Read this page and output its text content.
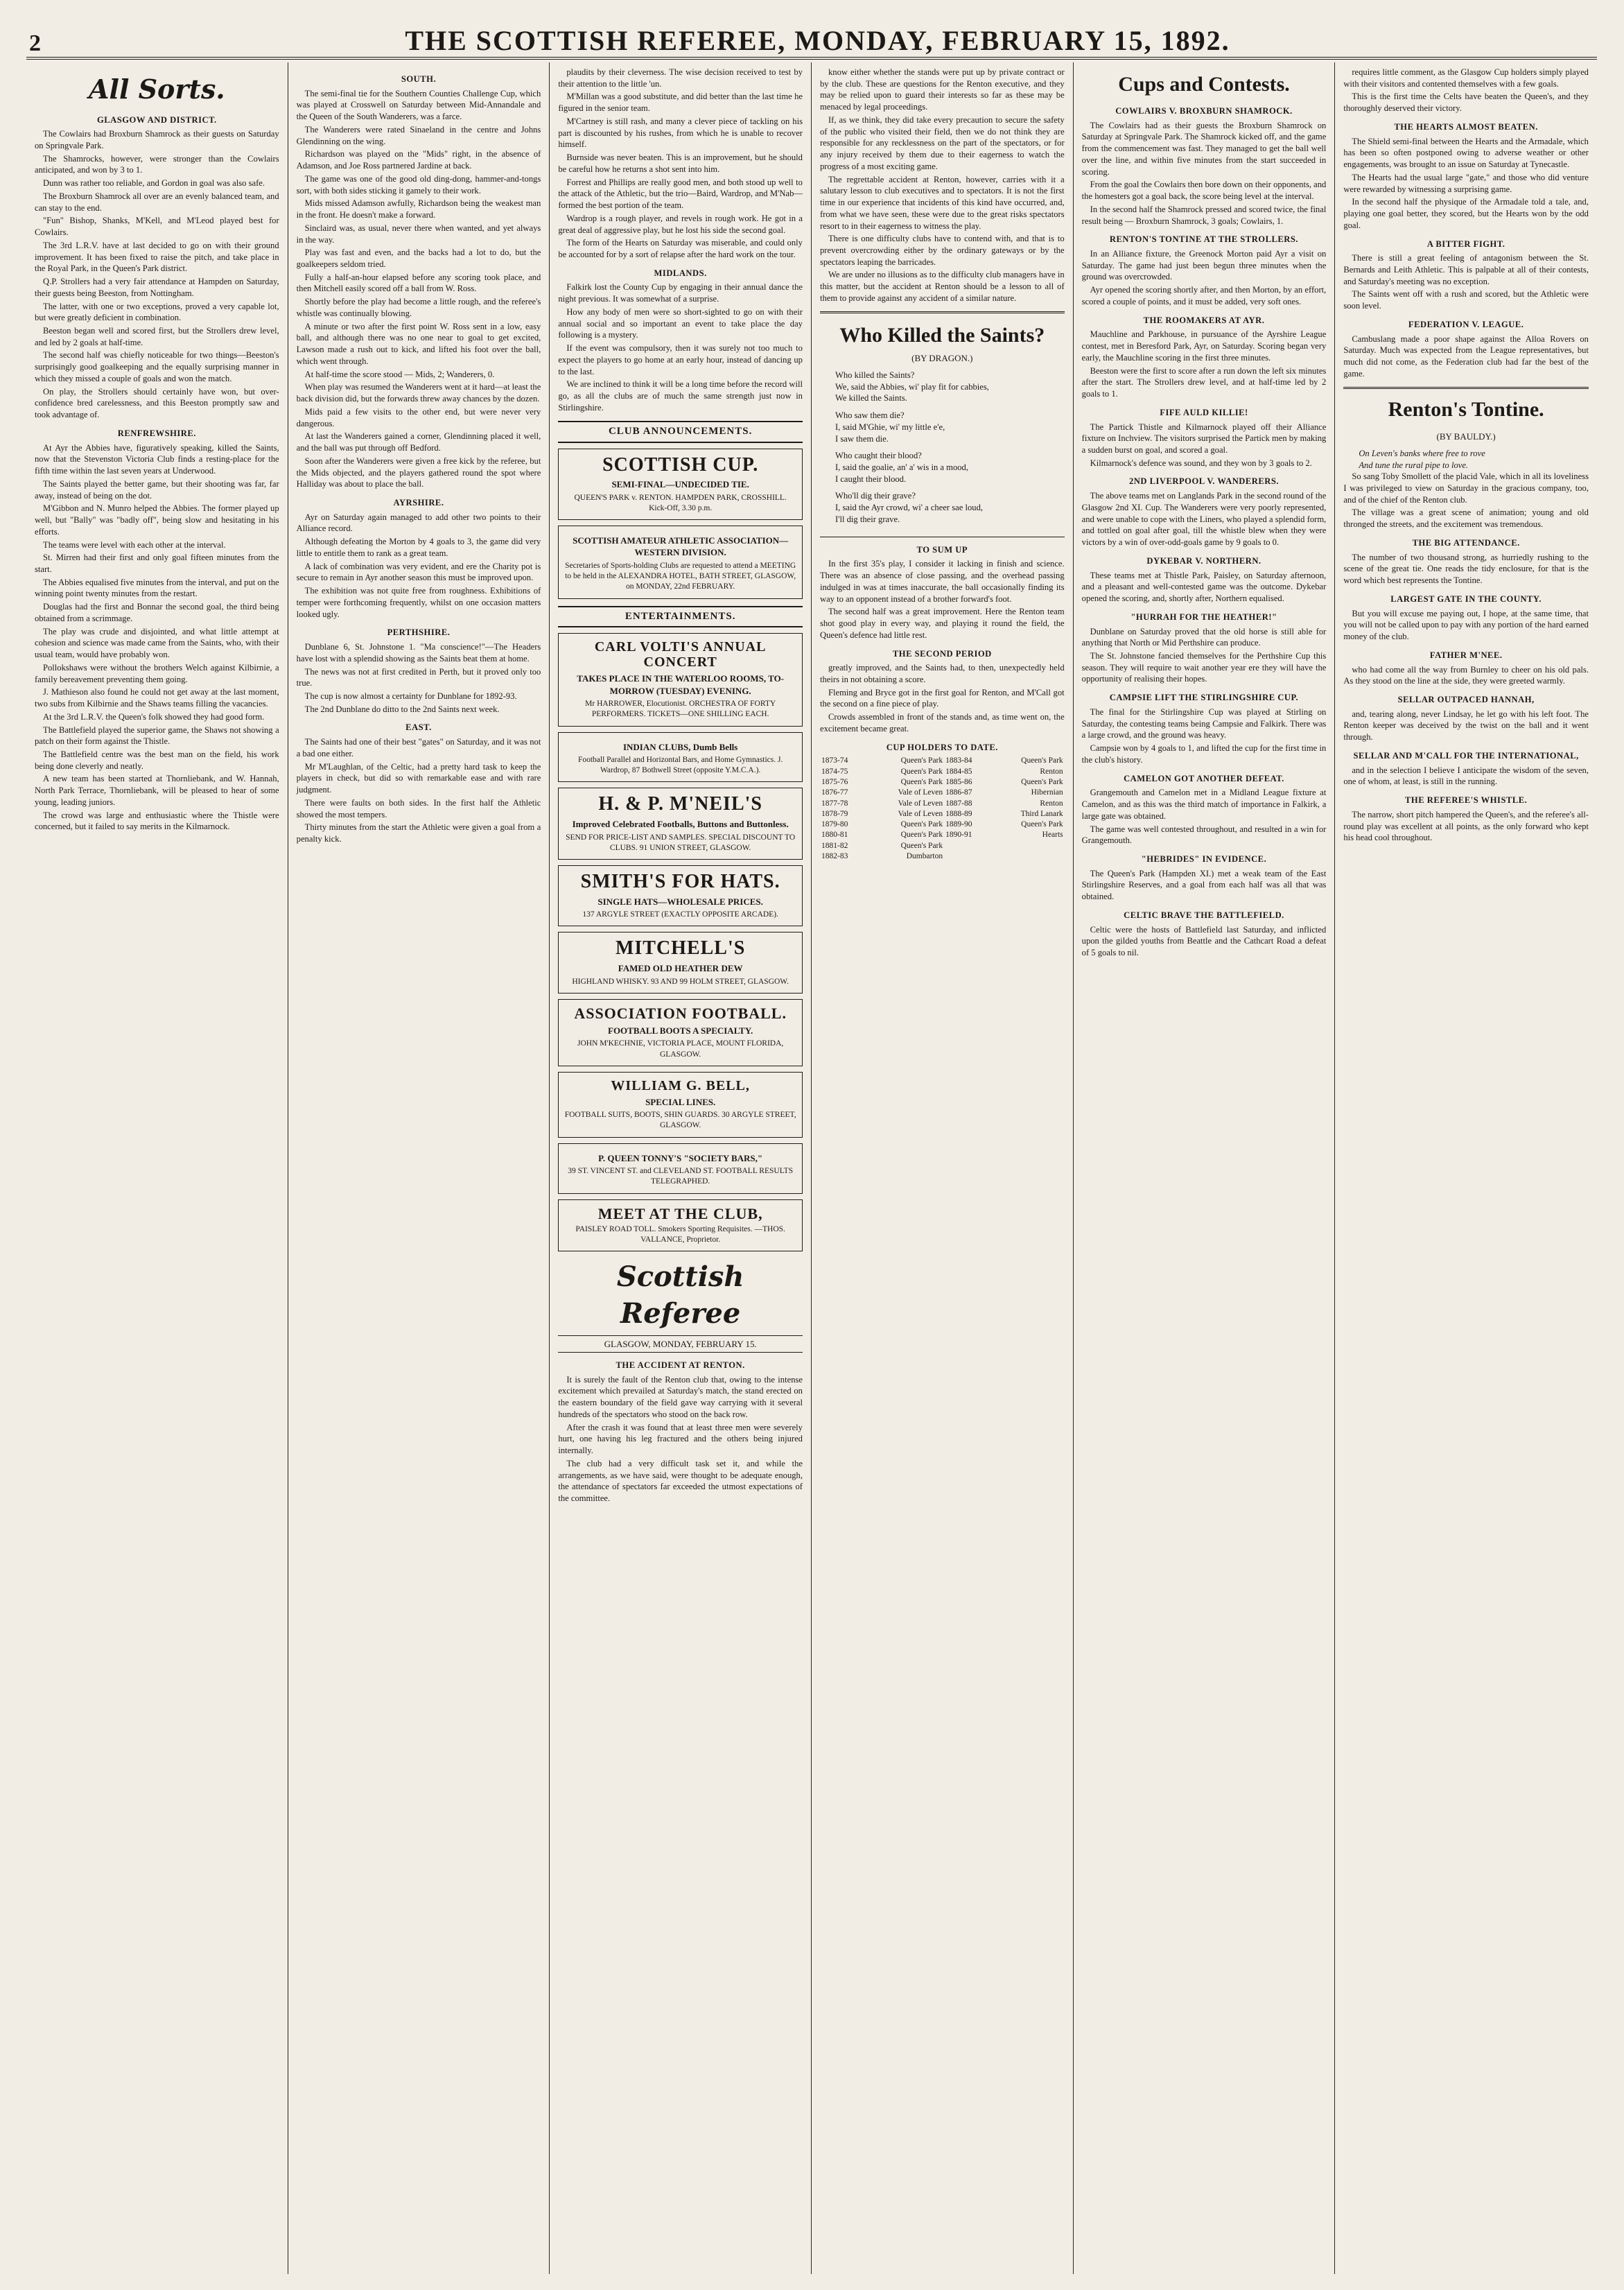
2	THE SCOTTISH REFEREE, MONDAY, FEBRUARY 15, 1892.
All Sorts.
GLASGOW AND DISTRICT.

The Cowlairs had Broxburn Shamrock as their guests on Saturday on Springvale Park.

The Shamrocks, however, were stronger than the Cowlairs anticipated, and won by 3 to 1.

Dunn was rather too reliable, and Gordon in goal was also safe.

The Broxburn Shamrock all over are an evenly balanced team, and can stay to the end.

"Fun" Bishop, Shanks, M'Kell, and M'Leod played best for Cowlairs.

The 3rd L.R.V. have at last decided to go on with their ground improvement. It has been fixed to raise the pitch, and take place in the Royal Park, in the Queen's Park district.

Q.P. Strollers had a very fair attendance at Hampden on Saturday, their guests being Beeston, from Nottingham.

The latter, with one or two exceptions, proved a very capable lot, but were greatly deficient in combination.

Beeston began well and scored first, but the Strollers drew level, and led by 2 goals at half-time.

The second half was chiefly noticeable for two things—Beeston's surprisingly good goalkeeping and the equally surprising manner in which they missed a couple of goals and won the match.

On play, the Strollers should certainly have won, but over-confidence bred carelessness, and this Beeston promptly saw and took advantage of.

RENFREWSHIRE.

At Ayr the Abbies have, figuratively speaking, killed the Saints, now that the Stevenston Victoria Club finds a resting-place for the fifth time within the last seven years at Underwood.

The Saints played the better game, but their shooting was far, far away, instead of being on the dot.

M'Gibbon and N. Munro helped the Abbies. The former played up well, but "Bally" was "badly off", being slow and hesitating in his efforts.

The teams were level with each other at the interval.

St. Mirren had their first and only goal fifteen minutes from the start.

The Abbies equalised five minutes from the interval, and put on the winning point twenty minutes from the restart.

Douglas had the first and Bonnar the second goal, the third being obtained from a scrimmage.

The play was crude and disjointed, and what little attempt at cohesion and science was made came from the Saints, who, with their usual team, would have probably won.

Pollokshaws were without the brothers Welch against Kilbirnie, a family bereavement preventing them going.

J. Mathieson also found he could not get away at the last moment, two subs from Kilbirnie and the Shaws teams filling the vacancies.

At the 3rd L.R.V. the Queen's folk showed they had good form.

The Battlefield played the superior game, the Shaws not showing a patch on their form against the Thistle.

The Battlefield centre was the best man on the field, his work being done cleverly and neatly.

A new team has been started at Thornliebank, and W. Hannah, North Park Terrace, Thornliebank, will be pleased to hear of some young, leading juniors.

The crowd was large and enthusiastic where the Thistle were concerned, but it failed to say merits in the Kilmarnock.

SOUTH.

The semi-final tie for the Southern Counties Challenge Cup, which was played at Crosswell on Saturday between Mid-Annandale and the Queen of the South Wanderers, was a farce.

The Wanderers were rated Sinaeland in the centre and Johns Glendinning on the wing.

Richardson was played on the "Mids" right, in the absence of Adamson, and Joe Ross partnered Jardine at back.

The game was one of the good old ding-dong, hammer-and-tongs sort, with both sides sticking it gamely to their work.

Mids missed Adamson awfully, Richardson being the weakest man in the front. He doesn't make a forward.

Sinclaird was, as usual, never there when wanted, and yet always in the way.

Play was fast and even, and the backs had a lot to do, but the goalkeepers seldom tried.

Fully a half-an-hour elapsed before any scoring took place, and then Mitchell easily scored off a ball from W. Ross.

Shortly before the play had become a little rough, and the referee's whistle was continually blowing.

A minute or two after the first point W. Ross sent in a low, easy ball, and although there was no one near to goal to get excited, Lawson made a rush out to kick, and lifted his foot over the ball, which went through.

At half-time the score stood — Mids, 2; Wanderers, 0.

When play was resumed the Wanderers went at it hard—at least the back division did, but the forwards threw away chances by the dozen.

Mids paid a few visits to the other end, but were never very dangerous.

At last the Wanderers gained a corner, Glendinning placed it well, and the ball was put through off Bedford.

Soon after the Wanderers were given a free kick by the referee, but the Mids objected, and the players gathered round the spot where Halliday was about to place the ball.

AYRSHIRE.

Ayr on Saturday again managed to add other two points to their Alliance record.

Although defeating the Morton by 4 goals to 3, the game did very little to entitle them to rank as a great team.

A lack of combination was very evident, and ere the Charity pot is secure to remain in Ayr another season this must be improved upon.

The exhibition was not quite free from roughness. Exhibitions of temper were forthcoming frequently, whilst on one occasion matters looked ugly.

PERTHSHIRE.

Dunblane 6, St. Johnstone 1. "Ma conscience!"—The Headers have lost with a splendid showing as the Saints beat them at home.

The news was not at first credited in Perth, but it proved only too true.

The cup is now almost a certainty for Dunblane for 1892-93.

The 2nd Dunblane do ditto to the 2nd Saints next week.

EAST.

The Saints had one of their best "gates" on Saturday, and it was not a bad one either.

Mr M'Laughlan, of the Celtic, had a pretty hard task to keep the players in check, but did so with remarkable ease and with rare judgment.

There were faults on both sides. In the first half the Athletic showed the most tempers.

Thirty minutes from the start the Athletic were given a goal from a penalty kick.

plaudits by their cleverness. The wise decision received to test by their attention to the little 'un.

M'Millan was a good substitute, and did better than the last time he figured in the senior team.

M'Cartney is still rash, and many a clever piece of tackling on his part is discounted by his rushes, from which he is unable to recover himself.

Burnside was never beaten. This is an improvement, but he should be careful how he returns a shot sent into him.

Forrest and Phillips are really good men, and both stood up well to the attack of the Athletic, but the trio—Baird, Wardrop, and M'Nab—formed the best portion of the team.

Wardrop is a rough player, and revels in rough work. He got in a great deal of aggressive play, but he lost his side the second goal.

The form of the Hearts on Saturday was miserable, and could only be accounted for by a sort of relapse after the hard work on the tour.

MIDLANDS.

Falkirk lost the County Cup by engaging in their annual dance the night previous. It was somewhat of a surprise.

How any body of men were so short-sighted to go on with their annual social and so important an event to take place the day following is a mystery.

If the event was compulsory, then it was surely not too much to expect the players to go home at an early hour, instead of dancing up to the last.

We are inclined to think it will be a long time before the record will go, as all the clubs are of much the same strength just now in Stirlingshire.

CLUB ANNOUNCEMENTS.
SCOTTISH CUP.
SEMI-FINAL—UNDECIDED TIE.
QUEEN'S PARK v. RENTON. HAMPDEN PARK, CROSSHILL. Kick-Off, 3.30 p.m.
SCOTTISH AMATEUR ATHLETIC ASSOCIATION—WESTERN DIVISION.
Secretaries of Sports-holding Clubs are requested to attend a MEETING to be held in the ALEXANDRA HOTEL, BATH STREET, GLASGOW, on MONDAY, 22nd FEBRUARY.
ENTERTAINMENTS.
CARL VOLTI'S ANNUAL CONCERT
TAKES PLACE IN THE WATERLOO ROOMS, TO-MORROW (TUESDAY) EVENING.
Mr HARROWER, Elocutionist. ORCHESTRA OF FORTY PERFORMERS. TICKETS—ONE SHILLING EACH.
INDIAN CLUBS, Dumb Bells
Football Parallel and Horizontal Bars, and Home Gymnastics. J. Wardrop, 87 Bothwell Street (opposite Y.M.C.A.).
H. & P. M'NEIL'S
Improved Celebrated Footballs, Buttons and Buttonless.
SEND FOR PRICE-LIST AND SAMPLES. SPECIAL DISCOUNT TO CLUBS. 91 UNION STREET, GLASGOW.
SMITH'S FOR HATS.
SINGLE HATS—WHOLESALE PRICES.
137 ARGYLE STREET (EXACTLY OPPOSITE ARCADE).
MITCHELL'S
FAMED OLD HEATHER DEW
HIGHLAND WHISKY. 93 AND 99 HOLM STREET, GLASGOW.
ASSOCIATION FOOTBALL.
FOOTBALL BOOTS A SPECIALTY.
JOHN M'KECHNIE, VICTORIA PLACE, MOUNT FLORIDA, GLASGOW.
WILLIAM G. BELL,
SPECIAL LINES.
FOOTBALL SUITS, BOOTS, SHIN GUARDS. 30 ARGYLE STREET, GLASGOW.
P. QUEEN TONNY'S "SOCIETY BARS,"
39 ST. VINCENT ST. and CLEVELAND ST. FOOTBALL RESULTS TELEGRAPHED.
MEET AT THE CLUB,
PAISLEY ROAD TOLL. Smokers Sporting Requisites. —THOS. VALLANCE, Proprietor.
Scottish Referee
GLASGOW, MONDAY, FEBRUARY 15.
THE ACCIDENT AT RENTON.

It is surely the fault of the Renton club that, owing to the intense excitement which prevailed at Saturday's match, the stand erected on the eastern boundary of the field gave way carrying with it several hundreds of the spectators who stood on the back row.

After the crash it was found that at least three men were severely hurt, one having his leg fractured and the others being injured internally.

The club had a very difficult task set it, and while the arrangements, as we have said, were thought to be adequate enough, the attendance of spectators far exceeded the utmost expectations of the committee.

know either whether the stands were put up by private contract or by the club. These are questions for the Renton executive, and they may be relied upon to guard their interests so far as these may be menaced by legal proceedings.

If, as we think, they did take every precaution to secure the safety of the public who visited their field, then we do not think they are responsible for any recklessness on the part of the spectators, or for any injury received by them due to their eagerness to watch the progress of a most exciting game.

The regrettable accident at Renton, however, carries with it a salutary lesson to club executives and to spectators. It is not the first time in our experience that incidents of this kind have occurred, and, from what we have seen, these were due to the great risks spectators resort to in their eagerness to witness the play.

There is one difficulty clubs have to contend with, and that is to prevent overcrowding either by the ordinary gateways or by the spectators leaping the barricades.

We are under no illusions as to the difficulty club managers have in this matter, but the accident at Renton should be a lesson to all of them to provide against any accident of a similar nature.

Who Killed the Saints?
(BY DRAGON.)

Who killed the Saints?

We, said the Abbies, wi' play fit for cabbies,

We killed the Saints.

Who saw them die?

I, said M'Ghie, wi' my little e'e,

I saw them die.

Who caught their blood?

I, said the goalie, an' a' wis in a mood,

I caught their blood.

Who'll dig their grave?

I, said the Ayr crowd, wi' a cheer sae loud,

I'll dig their grave.

TO SUM UP

In the first 35's play, I consider it lacking in finish and science. There was an absence of close passing, and the overhead passing indulged in was at times inaccurate, the ball occasionally finding its way to an opponent instead of a brother forward's foot.

The second half was a great improvement. Here the Renton team shot good play in every way, and playing it round the field, the Queen's defence had little rest.

THE SECOND PERIOD

greatly improved, and the Saints had, to then, unexpectedly held theirs in not obtaining a score.

Fleming and Bryce got in the first goal for Renton, and M'Call got the second on a fine piece of play.

Crowds assembled in front of the stands and, as time went on, the excitement became great.

CUP HOLDERS TO DATE.
1873-74	Queen's Park	1883-84	Queen's Park
1874-75	Queen's Park	1884-85	Renton
1875-76	Queen's Park	1885-86	Queen's Park
1876-77	Vale of Leven	1886-87	Hibernian
1877-78	Vale of Leven	1887-88	Renton
1878-79	Vale of Leven	1888-89	Third Lanark
1879-80	Queen's Park	1889-90	Queen's Park
1880-81	Queen's Park	1890-91	Hearts
1881-82	Queen's Park		
1882-83	Dumbarton		
Cups and Contests.
COWLAIRS V. BROXBURN SHAMROCK.

The Cowlairs had as their guests the Broxburn Shamrock on Saturday at Springvale Park. The Shamrock kicked off, and the game from the commencement was fast. They managed to get the ball well over the line, and within five minutes from the start succeeded in scoring.

From the goal the Cowlairs then bore down on their opponents, and the homesters got a goal back, the score being level at the interval.

In the second half the Shamrock pressed and scored twice, the final result being — Broxburn Shamrock, 3 goals; Cowlairs, 1.

RENTON'S TONTINE AT THE STROLLERS.

In an Alliance fixture, the Greenock Morton paid Ayr a visit on Saturday. The game had just been begun three minutes when the ground was overcrowded.

Ayr opened the scoring shortly after, and then Morton, by an effort, scored a couple of points, and it must be added, very soft ones.

THE ROOMAKERS AT AYR.

Mauchline and Parkhouse, in pursuance of the Ayrshire League contest, met in Beresford Park, Ayr, on Saturday. Scoring began very early, the Mauchline scoring in the first three minutes.

Beeston were the first to score after a run down the left six minutes after the start. The Strollers drew level, and at half-time led by 2 goals to 1.

FIFE AULD KILLIE!

The Partick Thistle and Kilmarnock played off their Alliance fixture on Inchview. The visitors surprised the Partick men by making a sudden burst on goal, and scored a goal.

Kilmarnock's defence was sound, and they won by 3 goals to 2.

2ND LIVERPOOL V. WANDERERS.

The above teams met on Langlands Park in the second round of the Glasgow 2nd XI. Cup. The Wanderers were very poorly represented, and were unable to cope with the Liners, who played a splendid form, and tottled on goal after goal, till the whistle blew when they were victors by a win of over-odd-goals game by 9 goals to 0.

DYKEBAR V. NORTHERN.

These teams met at Thistle Park, Paisley, on Saturday afternoon, and a pleasant and well-contested game was the outcome. Dykebar opened the scoring, and, shortly after, Northern equalised.

"HURRAH FOR THE HEATHER!"

Dunblane on Saturday proved that the old horse is still able for anything that North or Mid Perthshire can produce.

The St. Johnstone fancied themselves for the Perthshire Cup this season. They will require to wait another year ere they will have the opportunity of realising their hopes.

CAMPSIE LIFT THE STIRLINGSHIRE CUP.

The final for the Stirlingshire Cup was played at Stirling on Saturday, the contesting teams being Campsie and Falkirk. There was a large crowd, and the ground was heavy.

Campsie won by 4 goals to 1, and lifted the cup for the first time in the club's history.

CAMELON GOT ANOTHER DEFEAT.

Grangemouth and Camelon met in a Midland League fixture at Camelon, and as this was the third match of importance in Falkirk, a large gate was obtained.

The game was well contested throughout, and resulted in a win for Grangemouth.

"HEBRIDES" IN EVIDENCE.

The Queen's Park (Hampden XI.) met a weak team of the East Stirlingshire Reserves, and a goal from each half was all that was obtained.

CELTIC BRAVE THE BATTLEFIELD.

Celtic were the hosts of Battlefield last Saturday, and inflicted upon the gilded youths from Beattle and the Cathcart Road a defeat of 5 goals to nil.

requires little comment, as the Glasgow Cup holders simply played with their visitors and contented themselves with a few goals.

This is the first time the Celts have beaten the Queen's, and they thoroughly deserved their victory.

THE HEARTS ALMOST BEATEN.

The Shield semi-final between the Hearts and the Armadale, which has been so often postponed owing to adverse weather or other engagements, was brought to an issue on Saturday at Tynecastle.

The Hearts had the usual large "gate," and those who did venture were rewarded by witnessing a surprising game.

In the second half the physique of the Armadale told a tale, and, playing one goal better, they scored, but the Hearts won by the odd goal.

A BITTER FIGHT.

There is still a great feeling of antagonism between the St. Bernards and Leith Athletic. This is palpable at all of their contests, and Saturday's meeting was no exception.

The Saints went off with a rush and scored, but the Athletic were soon level.

FEDERATION V. LEAGUE.

Cambuslang made a poor shape against the Alloa Rovers on Saturday. Much was expected from the League representatives, but much did not come, as the Federation club had far the best of the game.

Renton's Tontine.
(BY BAULDY.)

On Leven's banks where free to rove

And tune the rural pipe to love.

So sang Toby Smollett of the placid Vale, which in all its loveliness I was privileged to view on Saturday in the gracious company, too, and of the chief of the Renton club.

The village was a great scene of animation; young and old thronged the streets, and the excitement was tremendous.

THE BIG ATTENDANCE.

The number of two thousand strong, as hurriedly rushing to the scene of the great tie. One reads the tidy enclosure, for that is the word which best represents the Tontine.

LARGEST GATE IN THE COUNTY.

But you will excuse me paying out, I hope, at the same time, that you will not be called upon to pay with any portion of the hard earned money of the club.

FATHER M'NEE.

who had come all the way from Burnley to cheer on his old pals. As they stood on the line at the side, they were greeted warmly.

SELLAR OUTPACED HANNAH,

and, tearing along, never Lindsay, he let go with his left foot. The Renton keeper was deceived by the twist on the ball and it went through.

SELLAR AND M'CALL FOR THE INTERNATIONAL,

and in the selection I believe I anticipate the wisdom of the seven, one of whom, at least, is still in the running.

THE REFEREE'S WHISTLE.

The narrow, short pitch hampered the Queen's, and the referee's all-round play was excellent at all points, as the only forward who kept his head cool throughout.
